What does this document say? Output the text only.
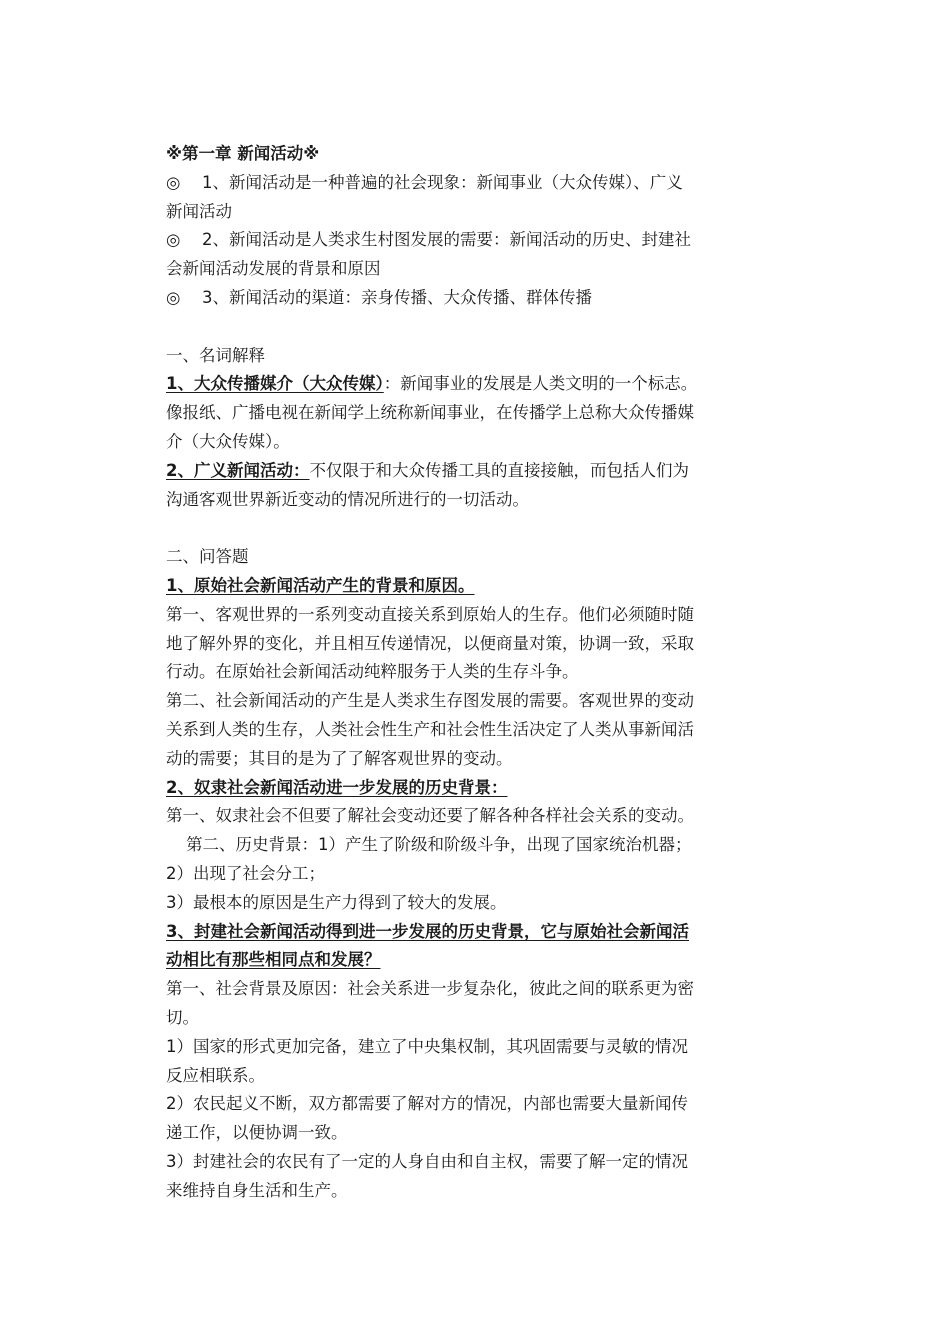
※第一章 新闻活动※
◎ 1、新闻活动是一种普遍的社会现象：新闻事业（大众传媒）、广义
新闻活动
◎ 2、新闻活动是人类求生村图发展的需要：新闻活动的历史、封建社
会新闻活动发展的背景和原因
◎ 3、新闻活动的渠道：亲身传播、大众传播、群体传播
一、名词解释
1、大众传播媒介（大众传媒）：新闻事业的发展是人类文明的一个标志。
像报纸、广播电视在新闻学上统称新闻事业，在传播学上总称大众传播媒
介（大众传媒）。
2、广义新闻活动：不仅限于和大众传播工具的直接接触，而包括人们为
沟通客观世界新近变动的情况所进行的一切活动。
二、问答题
1、原始社会新闻活动产生的背景和原因。
第一、客观世界的一系列变动直接关系到原始人的生存。他们必须随时随
地了解外界的变化，并且相互传递情况，以便商量对策，协调一致，采取
行动。在原始社会新闻活动纯粹服务于人类的生存斗争。
第二、社会新闻活动的产生是人类求生存图发展的需要。客观世界的变动
关系到人类的生存，人类社会性生产和社会性生活决定了人类从事新闻活
动的需要；其目的是为了了解客观世界的变动。
2、奴隶社会新闻活动进一步发展的历史背景：
第一、奴隶社会不但要了解社会变动还要了解各种各样社会关系的变动。
第二、历史背景：1）产生了阶级和阶级斗争，出现了国家统治机器；
2）出现了社会分工；
3）最根本的原因是生产力得到了较大的发展。
3、封建社会新闻活动得到进一步发展的历史背景，它与原始社会新闻活
动相比有那些相同点和发展？
第一、社会背景及原因：社会关系进一步复杂化，彼此之间的联系更为密
切。
1）国家的形式更加完备，建立了中央集权制，其巩固需要与灵敏的情况
反应相联系。
2）农民起义不断，双方都需要了解对方的情况，内部也需要大量新闻传
递工作，以便协调一致。
3）封建社会的农民有了一定的人身自由和自主权，需要了解一定的情况
来维持自身生活和生产。
